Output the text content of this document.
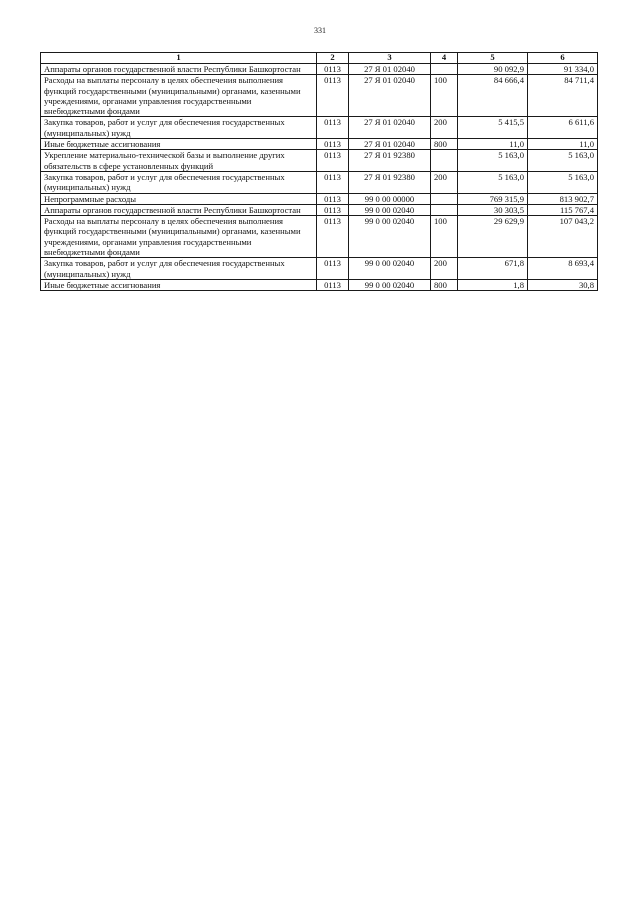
331
1	2	3	4	5	6
Аппараты органов государственной власти Республики Башкортостан	0113	27 Я 01 02040		90 092,9	91 334,0
Расходы на выплаты персоналу в целях обеспечения выполнения функций государственными (муниципальными) органами, казенными учреждениями, органами управления государственными внебюджетными фондами	0113	27 Я 01 02040	100	84 666,4	84 711,4
Закупка товаров, работ и услуг для обеспечения государственных (муниципальных) нужд	0113	27 Я 01 02040	200	5 415,5	6 611,6
Иные бюджетные ассигнования	0113	27 Я 01 02040	800	11,0	11,0
Укрепление материально-технической базы и выполнение других обязательств в сфере установленных функций	0113	27 Я 01 92380		5 163,0	5 163,0
Закупка товаров, работ и услуг для обеспечения государственных (муниципальных) нужд	0113	27 Я 01 92380	200	5 163,0	5 163,0
Непрограммные расходы	0113	99 0 00 00000		769 315,9	813 902,7
Аппараты органов государственной власти Республики Башкортостан	0113	99 0 00 02040		30 303,5	115 767,4
Расходы на выплаты персоналу в целях обеспечения выполнения функций государственными (муниципальными) органами, казенными учреждениями, органами управления государственными внебюджетными фондами	0113	99 0 00 02040	100	29 629,9	107 043,2
Закупка товаров, работ и услуг для обеспечения государственных (муниципальных) нужд	0113	99 0 00 02040	200	671,8	8 693,4
Иные бюджетные ассигнования	0113	99 0 00 02040	800	1,8	30,8
